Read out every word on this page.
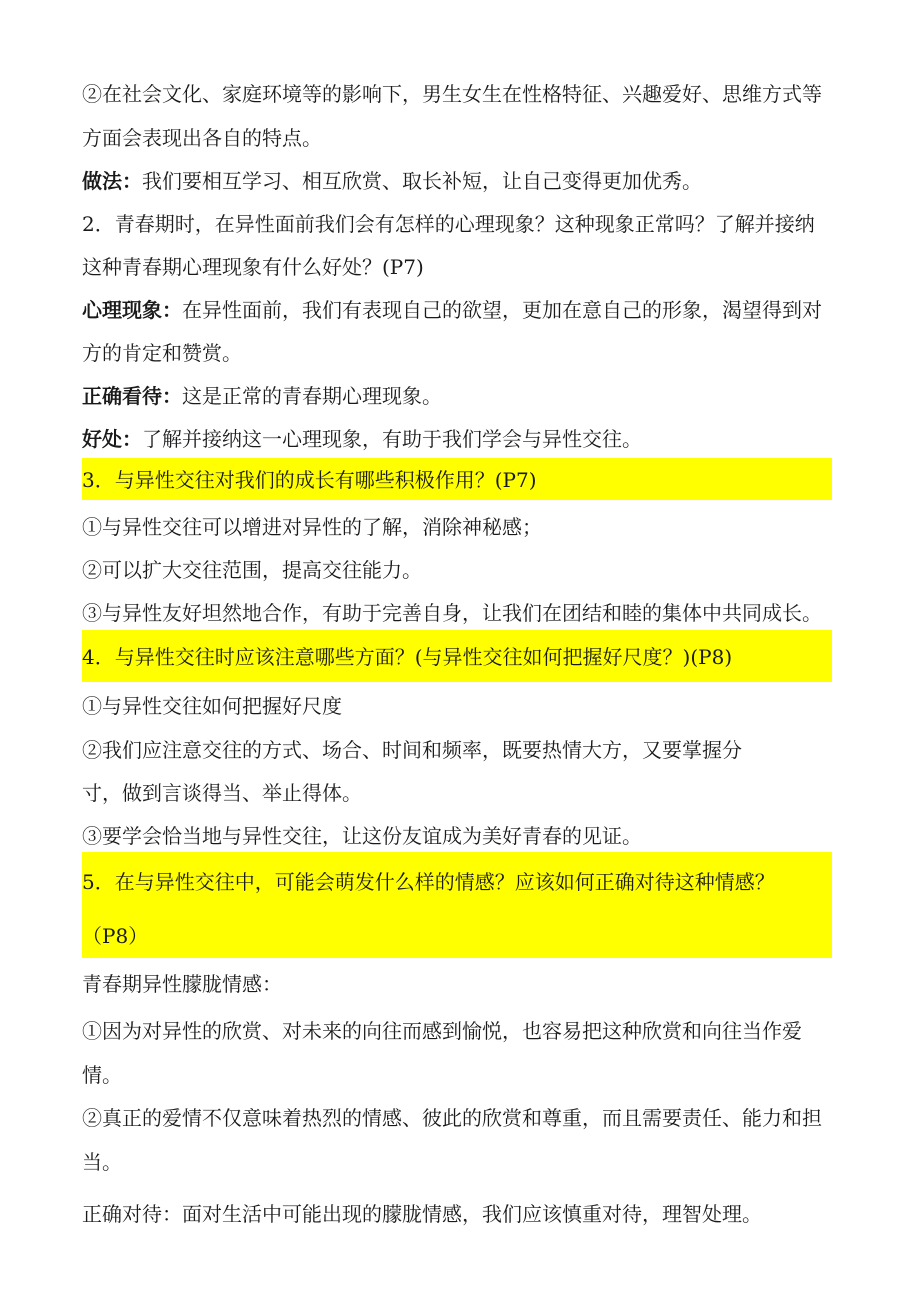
②在社会文化、家庭环境等的影响下，男生女生在性格特征、兴趣爱好、思维方式等

方面会表现出各自的特点。

做法：我们要相互学习、相互欣赏、取长补短，让自己变得更加优秀。

2．青春期时，在异性面前我们会有怎样的心理现象？这种现象正常吗？了解并接纳

这种青春期心理现象有什么好处？(P7)

心理现象：在异性面前，我们有表现自己的欲望，更加在意自己的形象，渴望得到对

方的肯定和赞赏。

正确看待：这是正常的青春期心理现象。

好处：了解并接纳这一心理现象，有助于我们学会与异性交往。

3．与异性交往对我们的成长有哪些积极作用？(P7)

①与异性交往可以增进对异性的了解，消除神秘感；

②可以扩大交往范围，提高交往能力。

③与异性友好坦然地合作，有助于完善自身，让我们在团结和睦的集体中共同成长。

4．与异性交往时应该注意哪些方面？(与异性交往如何把握好尺度？)(P8)

①与异性交往如何把握好尺度

②我们应注意交往的方式、场合、时间和频率，既要热情大方，又要掌握分

寸，做到言谈得当、举止得体。

③要学会恰当地与异性交往，让这份友谊成为美好青春的见证。

5．在与异性交往中，可能会萌发什么样的情感？应该如何正确对待这种情感？

（P8）

青春期异性朦胧情感：

①因为对异性的欣赏、对未来的向往而感到愉悦，也容易把这种欣赏和向往当作爱

情。

②真正的爱情不仅意味着热烈的情感、彼此的欣赏和尊重，而且需要责任、能力和担

当。

正确对待：面对生活中可能出现的朦胧情感，我们应该慎重对待，理智处理。
